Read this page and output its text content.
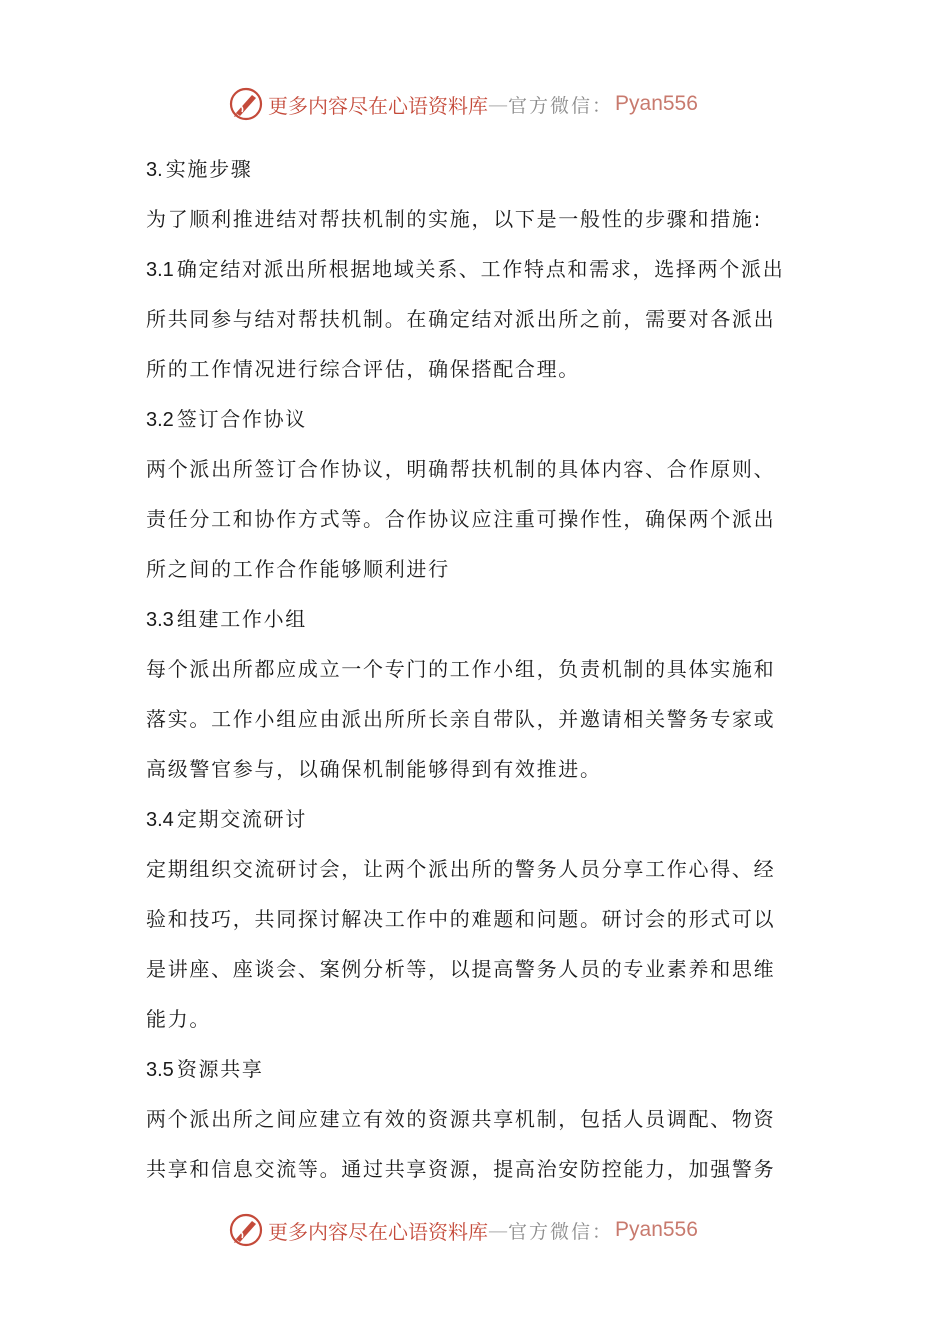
更多内容尽在心语资料库 — 官方微信： Pyan556
3. 实施步骤
为了顺利推进结对帮扶机制的实施，以下是一般性的步骤和措施:
3.1 确定结对派出所根据地域关系、工作特点和需求，选择两个派出
所共同参与结对帮扶机制。在确定结对派出所之前，需要对各派出
所的工作情况进行综合评估，确保搭配合理。
3.2 签订合作协议
两个派出所签订合作协议，明确帮扶机制的具体内容、合作原则、
责任分工和协作方式等。合作协议应注重可操作性，确保两个派出
所之间的工作合作能够顺利进行
3.3 组建工作小组
每个派出所都应成立一个专门的工作小组，负责机制的具体实施和
落实。工作小组应由派出所所长亲自带队，并邀请相关警务专家或
高级警官参与，以确保机制能够得到有效推进。
3.4 定期交流研讨
定期组织交流研讨会，让两个派出所的警务人员分享工作心得、经
验和技巧，共同探讨解决工作中的难题和问题。研讨会的形式可以
是讲座、座谈会、案例分析等，以提高警务人员的专业素养和思维
能力。
3.5 资源共享
两个派出所之间应建立有效的资源共享机制，包括人员调配、物资
共享和信息交流等。通过共享资源，提高治安防控能力，加强警务
更多内容尽在心语资料库 — 官方微信： Pyan556
